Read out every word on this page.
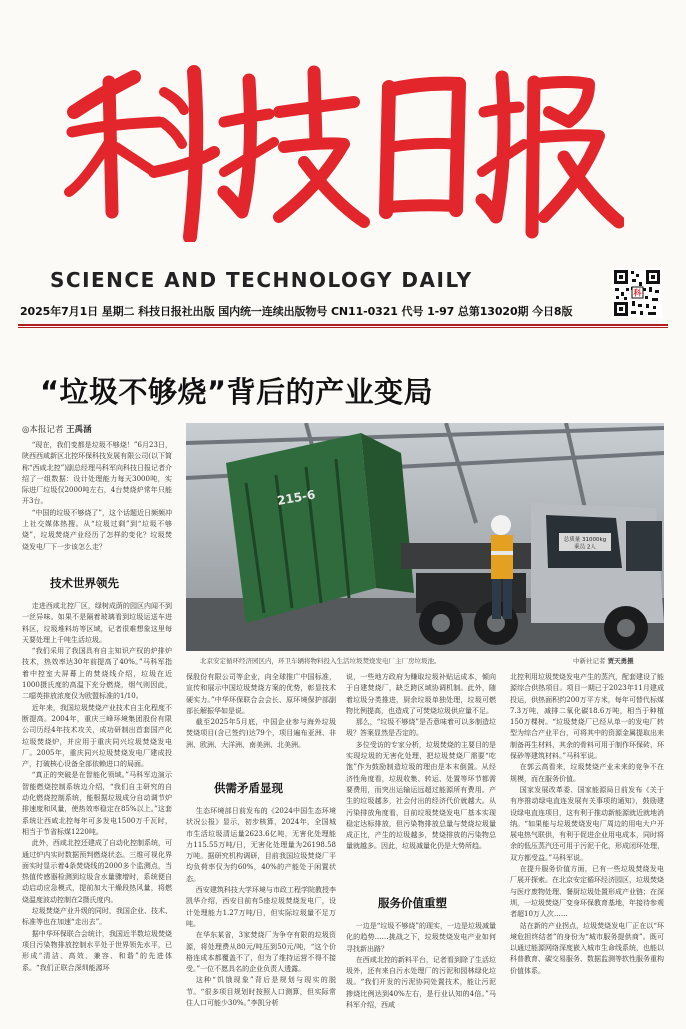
SCIENCE AND TECHNOLOGY DAILY
科
2025年7月1日 星期二 科技日报社出版 国内统一连续出版物号 CN11-0321 代号 1-97 总第13020期 今日8版
“垃圾不够烧”背后的产业变局
◎本报记者 王禹涵
215-6
总质量 31000kg
乘员 2人
北京安定循环经济园区内，环卫车辆将物料投入生活垃圾焚烧发电厂主厂房垃圾池。	中新社记者 贾天勇摄

“现在，我们变都是垃圾不够烧！”6月23日，陕西西咸新区北控环保科技发展有限公司(以下简称“西咸北控”)副总经理马科军向科技日报记者介绍了一组数据：设计处理能力每天3000吨，实际进厂垃圾仅2000吨左右，4台焚烧炉常年只能开3台。

“中国的垃圾不够烧了”，这个话题近日频频冲上社交媒体热搜。从“垃圾过剩”到“垃圾不够烧”，垃圾焚烧产业经历了怎样的变化？垃圾焚烧发电厂下一步该怎么走？

技术世界领先

走进西咸北控厂区，绿树成荫的园区内闻不到一丝异味。如果不是隔着玻璃看到垃圾运送车进料区，垃圾堆料坊等区域，记者很难想象这里每天要处理上千吨生活垃圾。

“我们采用了我国具有自主知识产权的炉排炉技术，热效率达30年前提高了40%。”马科军指着中控室大屏幕上的焚烧线介绍，垃圾在近1000摄氏度的高温下充分燃烧，烟气则因此，二噁英排放浓度仅为欧盟标准的1/10。

近年来，我国垃圾焚烧产业技术自主化程度不断提高。2004年，重庆三峰环境集团股份有限公司历经4年技术攻关，成功研制出首套国产化垃圾焚烧炉，并应用于重庆同兴垃圾焚烧发电厂。2005年，重庆同兴垃圾焚烧发电厂建成投产，打破核心设备全部依赖进口的局面。

“真正的突破是在智能化领域。”马科军边演示智能燃烧控制系统边介绍，“我们自主研究的自动化燃烧控制系统，能根据垃圾成分自动调节炉排速度和风量，使热效率稳定在85%以上。”这套系统让西咸北控每年可多发电1500万千瓦时，相当于节省标煤1220吨。

此外，西咸北控还建成了自动化控制系统，可通过炉内实时数据预判燃烧状态。三维可视化界面实时显示着4条焚烧线的2000多个监测点，当热值传感器检测到垃圾含水量骤增时，系统便自动启动应急模式，提前加大干燥段热风量，将燃烧温度波动控制在2摄氏度内。

垃圾焚烧产业升级的同时，我国企业、技术、标准等也在加速“走出去”。

据中华环保联合会统计，我国近半数垃圾焚烧项目污染物排放控制水平处于世界领先水平，已形成“清洁、高效、兼容、和谐”的先进体系。“我们正联合深圳能源环

保股份有限公司等企业，向全球推广中国标准，宣传和展示中国垃圾焚烧方案的优势，彰显技术硬实力。”中华环保联合会会长、原环境保护部副部长解振华如是说。

截至2025年5月底，中国企业参与海外垃圾焚烧项目(含已签约)达79个，项目遍布亚洲、非洲、欧洲、大洋洲、南美洲、北美洲。

供需矛盾显现

生态环境部日前发布的《2024中国生态环境状况公报》显示，初步核算，2024年，全国城市生活垃圾清运量2623.6亿吨，无害化处理能力115.55万吨/日，无害化处理量为26198.58万吨。据研究机构调研，目前我国垃圾焚烧厂平均负荷率仅为约60%，40%的产能处于闲置状态。

西安建筑科技大学环境与市政工程学院教授李凯华介绍，西安目前有5座垃圾焚烧发电厂，设计处理能力1.27万吨/日，但实际垃圾量不足万吨。

在华东某省，3家焚烧厂为争夺有限的垃圾资源，将处理费从80元/吨压到50元/吨，“这个价格连成本都覆盖不了，但为了维持运营不得不接受。”一位不愿具名的企业负责人透露。

这种“饥饿现象”背后是规划与现实的脱节。“很多项目规划时按照人口测算，但实际常住人口可能少30%。”李凯分析

说，一些地方政府为赚取垃圾补贴运成本，倾向于自建焚烧厂，缺乏跨区域协调机制。此外，随着垃圾分类推进，厨余垃圾单独处理，垃圾可燃物比例提高，也造成了可焚烧垃圾供应量不足。

那么，“垃圾不够烧”是否意味着可以多制造垃圾？答案显然是否定的。

多位受访的专家分析，垃圾焚烧的主要目的是实现垃圾的无害化处理，把垃圾焚烧厂需要“吃饱”作为鼓励制造垃圾的理由是本末倒置。从经济性角度看，垃圾收集、转运、处置等环节都需要费用，而突出运输运远超过能源所有费用。产生的垃圾越多，社会付出的经济代价就越大。从污染排放角度看，目前垃圾焚烧发电厂基本实现稳定达标排放，但污染物排放总量与焚烧垃圾量成正比，产生的垃圾越多，焚烧排放的污染物总量就越多。因此，垃圾减量化仍是大势所趋。

服务价值重塑

一边是“垃圾不够烧”的现实，一边是垃圾减量化的趋势……挑战之下，垃圾焚烧发电产业如何寻找新出路？

在西咸北控的新料平台，记者看到除了生活垃圾外，还有来自污水处理厂的污泥和园林绿化垃圾。“我们开发的污泥协同处置技术，能让污泥掺烧比例达到40%左右，是行业认知的4倍。”马科军介绍，西咸

北控利用垃圾焚烧发电产生的蒸汽，配套建设了能源综合供热项目。项目一期已于2023年11月建成投运，供热面积约200万平方米，每年可替代标煤7.3万吨，减排二氧化碳18.6万吨，相当于种植150万棵树。“垃圾焚烧厂已经从单一的发电厂转型为综合产业平台，可将其中的资源金属提取出来制备再生材料，其余的骨料可用于制作环保砖，环保砂等建筑材料。”马科军说。

在郭云高看来，垃圾焚烧产业未来的竞争不在规模，而在服务价值。

国家发展改革委、国家能源局日前发布《关于有序推动绿电直连发展有关事项的通知》，鼓励建设绿电直连项目，这有利于推动新能源就近就地消纳。“如果能与垃圾焚烧发电厂周边的用电大户开展电热气联供，有利于促进企业用电成本，同时将余的低压蒸汽还可用于污泥干化，形成闭环处理，双方都受益。”马科军说。

在提升服务价值方面，已有一些垃圾焚烧发电厂展开探索。在北京安定循环经济园区，垃圾焚烧与医疗废物处理、餐厨垃圾处置形成产业链；在深圳，一垃圾焚烧厂变身环保教育基地，年接待参观者超10万人次……

站在新的产业拐点，垃圾焚烧发电厂正在以“环境危担终结者”的身份为“城市服务提供商”。既可以通过能源网络深度嵌入城市生命线系统，也能以科普教育、碳交易服务、数据监测等软性服务重构价值体系。
